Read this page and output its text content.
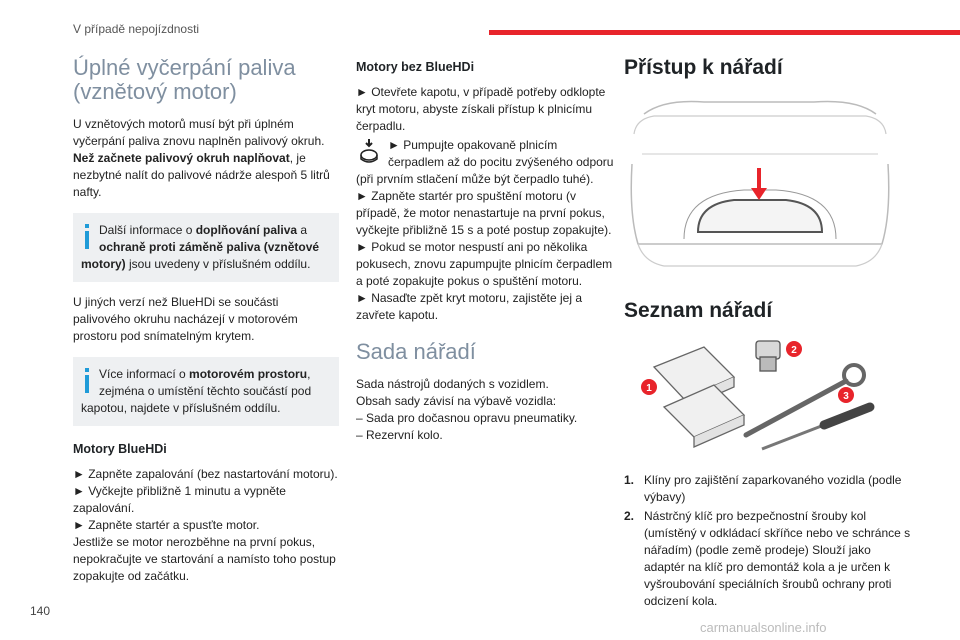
V případě nepojízdnosti
Úplné vyčerpání paliva (vznětový motor)

U vznětových motorů musí být při úplném vyčerpání paliva znovu naplněn palivový okruh. Než začnete palivový okruh naplňovat, je nezbytné nalít do palivové nádrže alespoň 5 litrů nafty.

Další informace o doplňování paliva a ochraně proti záměně paliva (vznětové motory) jsou uvedeny v příslušném oddílu.

U jiných verzí než BlueHDi se součásti palivového okruhu nacházejí v motorovém prostoru pod snímatelným krytem.

Více informací o motorovém prostoru, zejména o umístění těchto součástí pod kapotou, najdete v příslušném oddílu.

Motory BlueHDi

► Zapněte zapalování (bez nastartování motoru).

► Vyčkejte přibližně 1 minutu a vypněte zapalování.

► Zapněte startér a spusťte motor.

Jestliže se motor nerozběhne na první pokus, nepokračujte ve startování a namísto toho postup zopakujte od začátku.

Motory bez BlueHDi

► Otevřete kapotu, v případě potřeby odklopte kryt motoru, abyste získali přístup k plnicímu čerpadlu.

► Pumpujte opakovaně plnicím čerpadlem až do pocitu zvýšeného odporu (při prvním stlačení může být čerpadlo tuhé).

► Zapněte startér pro spuštění motoru (v případě, že motor nenastartuje na první pokus, vyčkejte přibližně 15 s a poté postup zopakujte).

► Pokud se motor nespustí ani po několika pokusech, znovu zapumpujte plnicím čerpadlem a poté zopakujte pokus o spuštění motoru.

► Nasaďte zpět kryt motoru, zajistěte jej a zavřete kapotu.

Sada nářadí

Sada nástrojů dodaných s vozidlem.

Obsah sady závisí na výbavě vozidla:

– Sada pro dočasnou opravu pneumatiky.

– Rezervní kolo.

Přístup k nářadí
Seznam nářadí
1
2
3
1. Klíny pro zajištění zaparkovaného vozidla (podle výbavy)
2. Nástrčný klíč pro bezpečnostní šrouby kol (umístěný v odkládací skříňce nebo ve schránce s nářadím) (podle země prodeje) Slouží jako adaptér na klíč pro demontáž kola a je určen k vyšroubování speciálních šroubů ochrany proti odcizení kola.
140
carmanualsonline.info
